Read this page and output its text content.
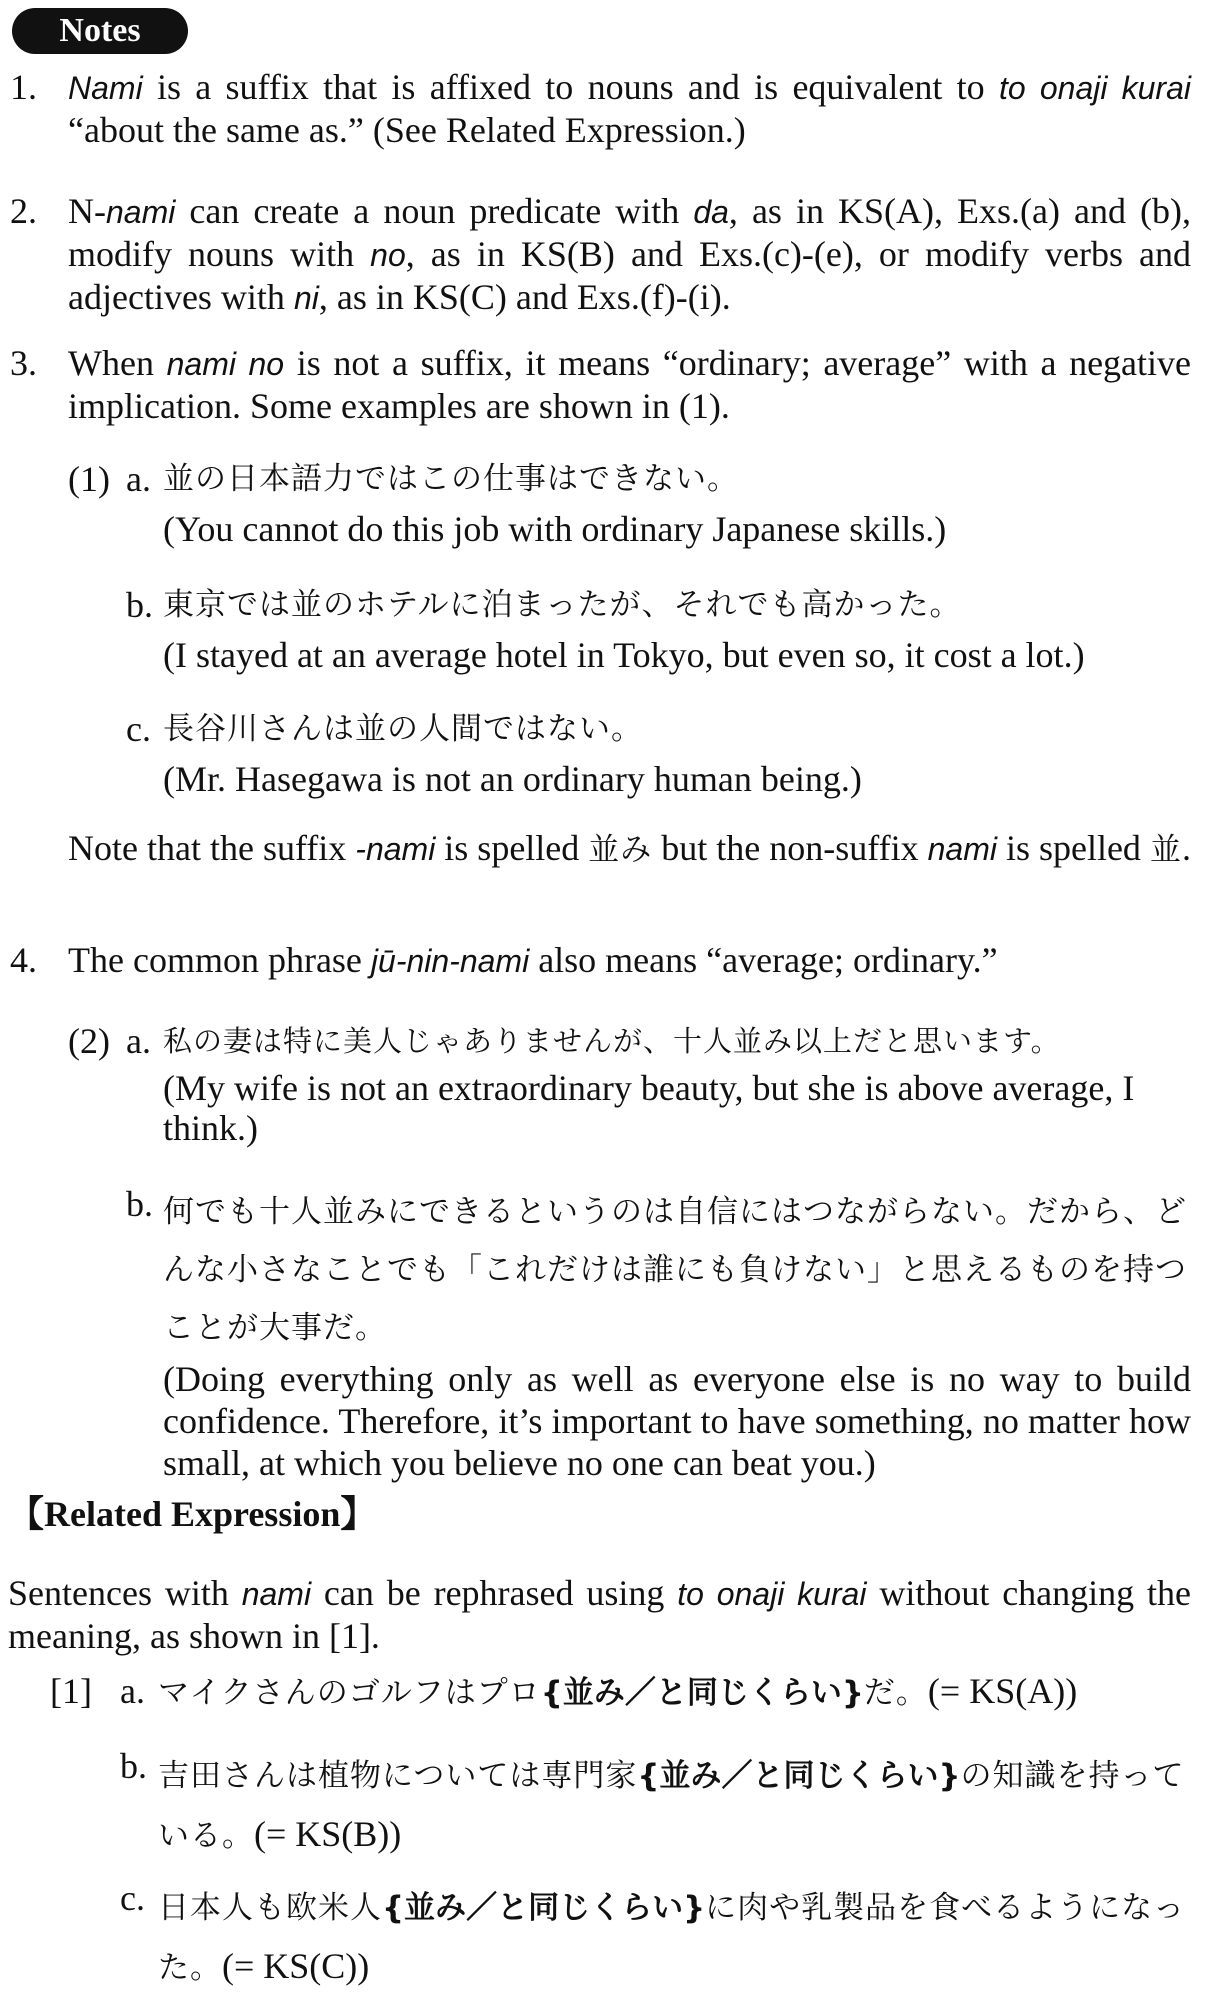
Notes
1. Nami is a suffix that is affixed to nouns and is equivalent to to onaji kurai “about the same as.” (See Related Expression.)
2. N-nami can create a noun predicate with da, as in KS(A), Exs.(a) and (b), modify nouns with no, as in KS(B) and Exs.(c)-(e), or modify verbs and adjectives with ni, as in KS(C) and Exs.(f)-(i).
3. When nami no is not a suffix, it means “ordinary; average” with a negative implication. Some examples are shown in (1).
(1) a. 並の日本語力ではこの仕事はできない。
(You cannot do this job with ordinary Japanese skills.)
b. 東京では並のホテルに泊まったが、それでも高かった。
(I stayed at an average hotel in Tokyo, but even so, it cost a lot.)
c. 長谷川さんは並の人間ではない。
(Mr. Hasegawa is not an ordinary human being.)
Note that the suffix -nami is spelled 並み but the non-suffix nami is spelled 並.
4. The common phrase jū-nin-nami also means “average; ordinary.”
(2) a. 私の妻は特に美人じゃありませんが、十人並み以上だと思います。
(My wife is not an extraordinary beauty, but she is above average, I think.)
b. 何でも十人並みにできるというのは自信にはつながらない。だから、どんな小さなことでも「これだけは誰にも負けない」と思えるものを持つことが大事だ。
(Doing everything only as well as everyone else is no way to build confidence. Therefore, it’s important to have something, no matter how small, at which you believe no one can beat you.)
【Related Expression】
Sentences with nami can be rephrased using to onaji kurai without changing the meaning, as shown in [1].
[1] a. マイクさんのゴルフはプロ{並み／と同じくらい}だ。(= KS(A))
b. 吉田さんは植物については専門家{並み／と同じくらい}の知識を持っている。(= KS(B))
c. 日本人も欧米人{並み／と同じくらい}に肉や乳製品を食べるようになった。(= KS(C))
